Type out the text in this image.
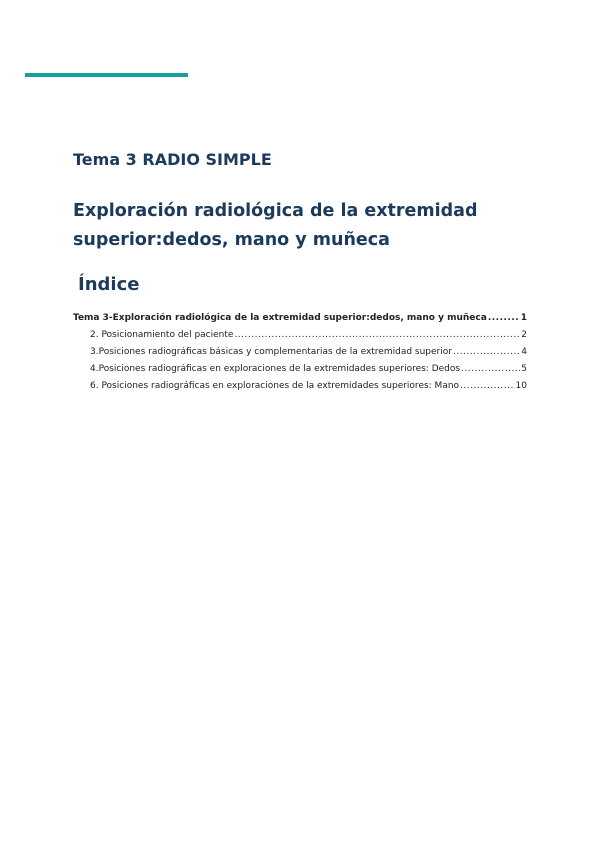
Tema 3 RADIO SIMPLE
Exploración radiológica de la extremidad superior:dedos, mano y muñeca
Índice
Tema 3-Exploración radiológica de la extremidad superior:dedos, mano y muñeca .....	1
2. Posicionamiento del paciente .....	2
3.Posiciones radiográficas básicas y complementarias de la extremidad superior .....	4
4.Posiciones radiográficas en exploraciones de la extremidades superiores: Dedos .....	5
6. Posiciones radiográficas en exploraciones de la extremidades superiores: Mano .....	10
